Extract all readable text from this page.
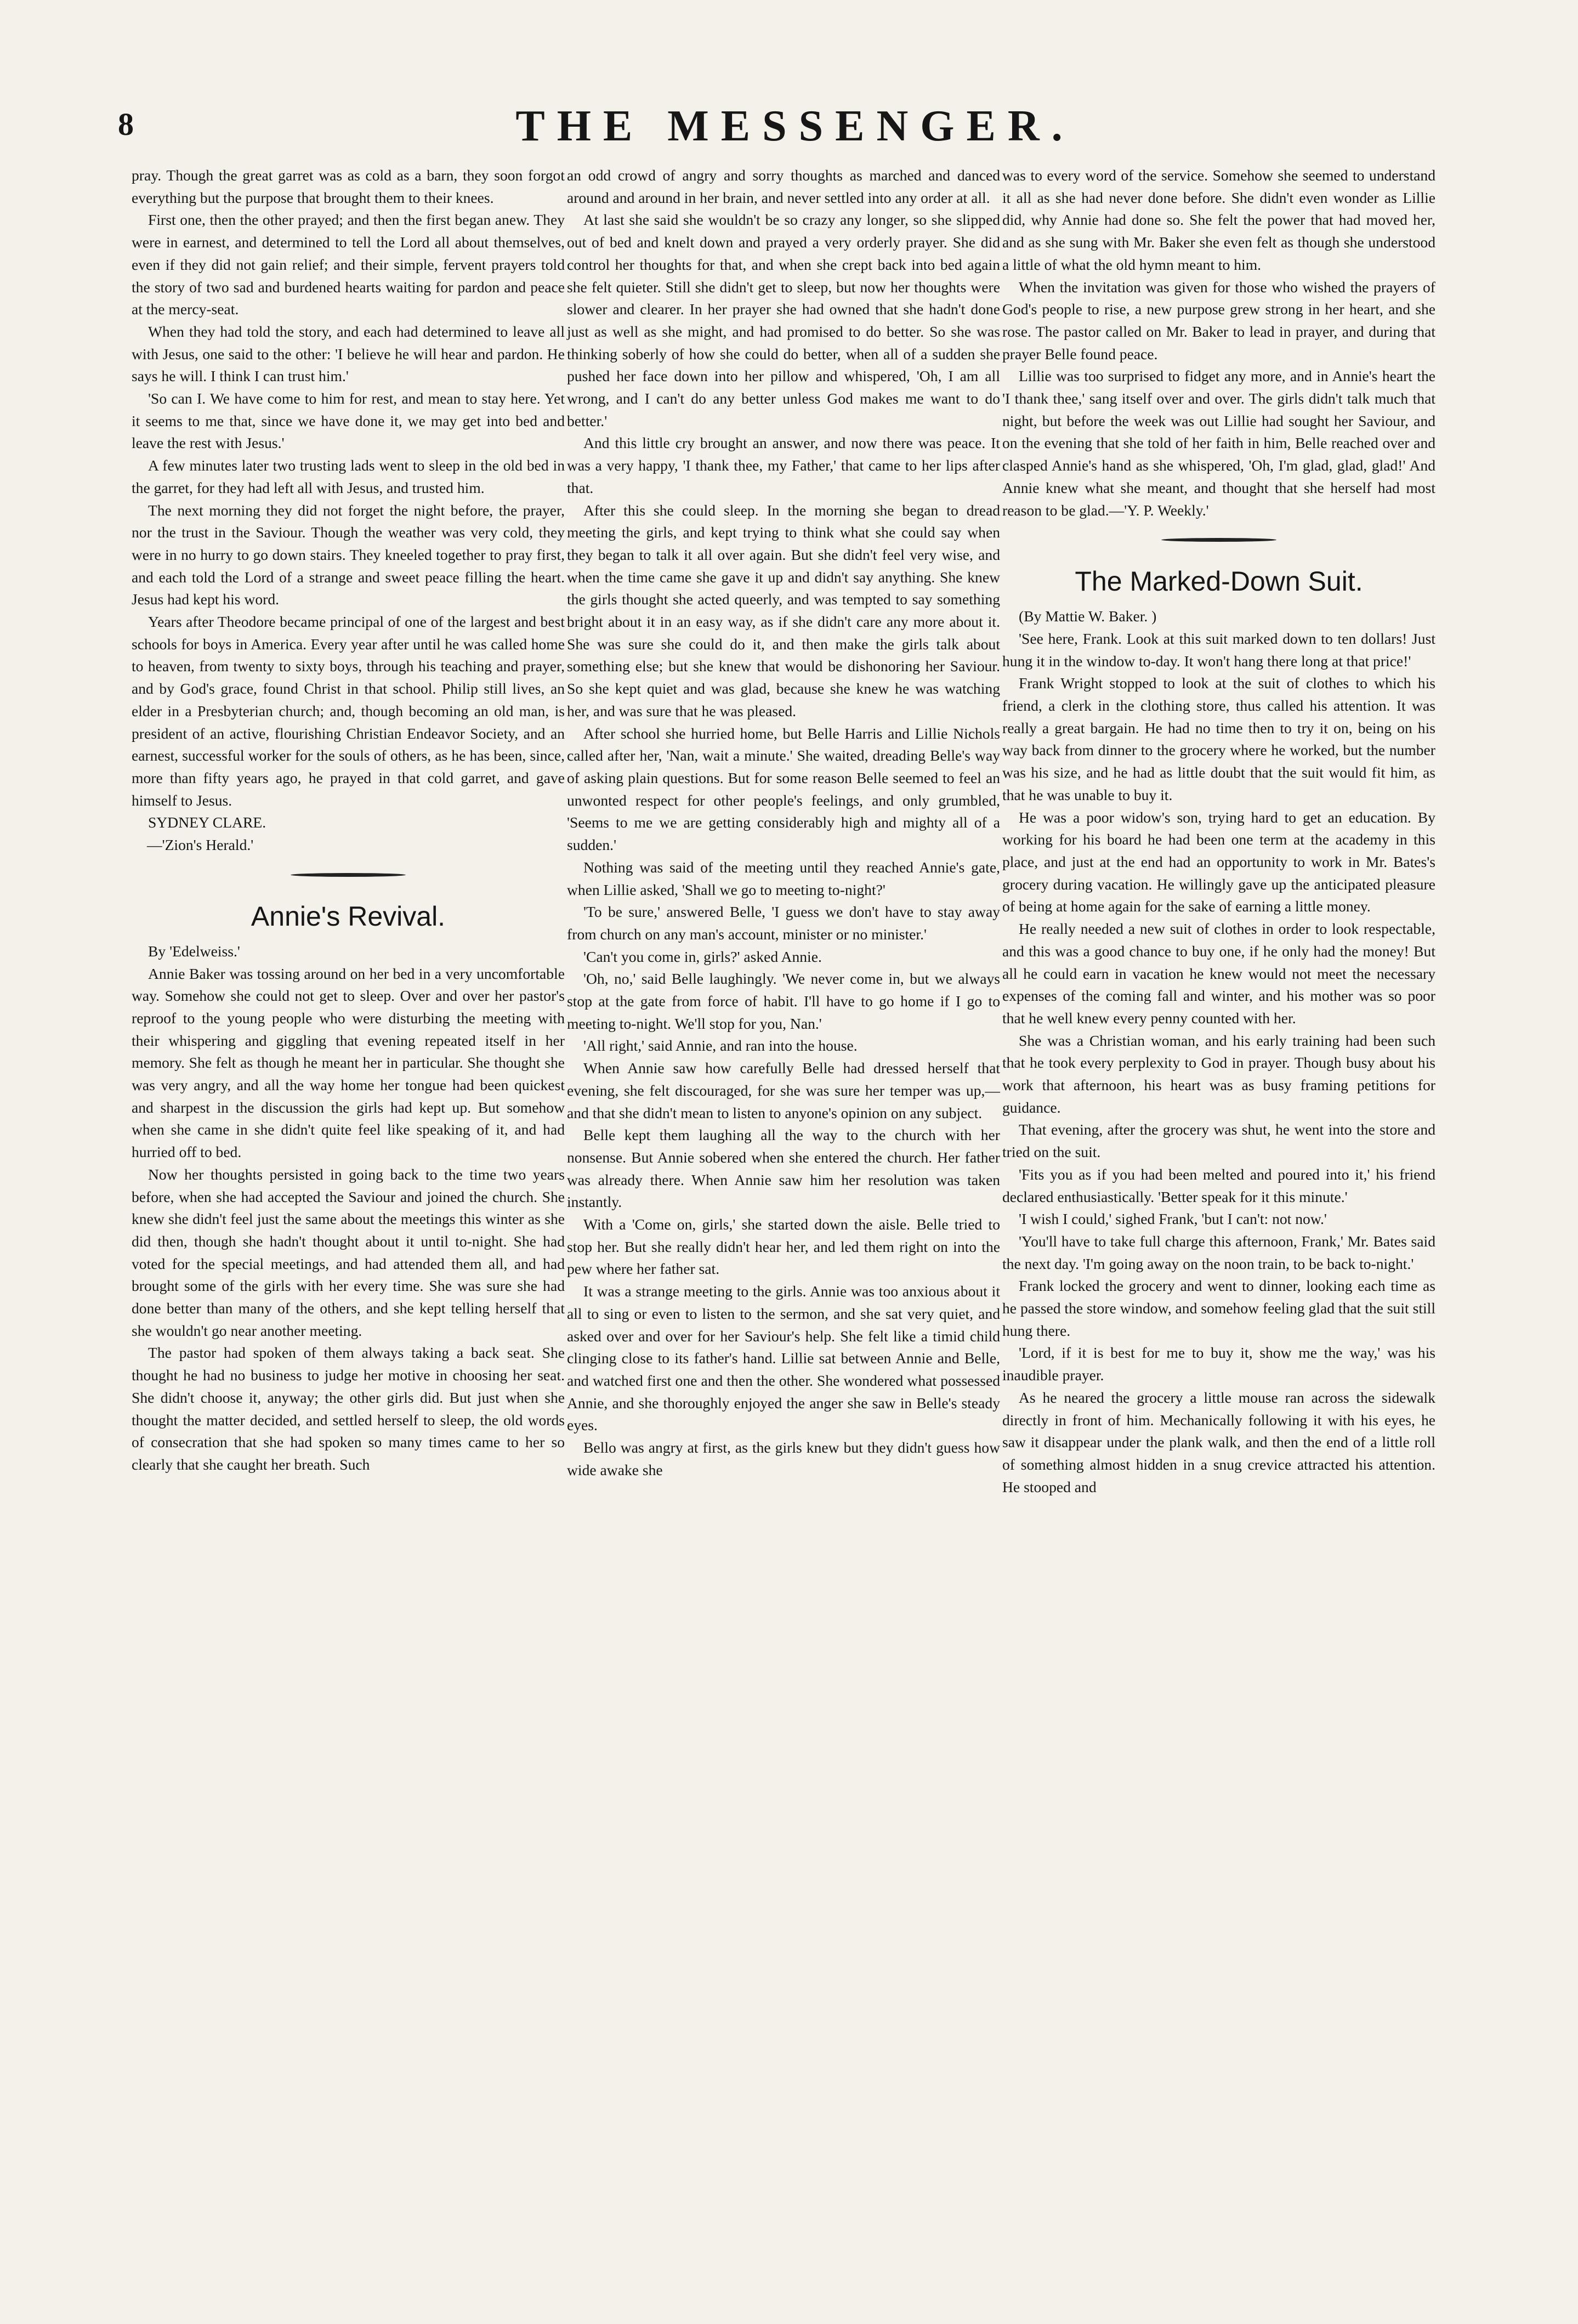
8	THE MESSENGER.

pray. Though the great garret was as cold as a barn, they soon forgot everything but the purpose that brought them to their knees.

First one, then the other prayed; and then the first began anew. They were in earnest, and determined to tell the Lord all about themselves, even if they did not gain relief; and their simple, fervent prayers told the story of two sad and burdened hearts waiting for pardon and peace at the mercy-seat.

When they had told the story, and each had determined to leave all with Jesus, one said to the other: 'I believe he will hear and pardon. He says he will. I think I can trust him.'

'So can I. We have come to him for rest, and mean to stay here. Yet it seems to me that, since we have done it, we may get into bed and leave the rest with Jesus.'

A few minutes later two trusting lads went to sleep in the old bed in the garret, for they had left all with Jesus, and trusted him.

The next morning they did not forget the night before, the prayer, nor the trust in the Saviour. Though the weather was very cold, they were in no hurry to go down stairs. They kneeled together to pray first, and each told the Lord of a strange and sweet peace filling the heart. Jesus had kept his word.

Years after Theodore became principal of one of the largest and best schools for boys in America. Every year after until he was called home to heaven, from twenty to sixty boys, through his teaching and prayer, and by God's grace, found Christ in that school. Philip still lives, an elder in a Presbyterian church; and, though becoming an old man, is president of an active, flourishing Christian Endeavor Society, and an earnest, successful worker for the souls of others, as he has been, since, more than fifty years ago, he prayed in that cold garret, and gave himself to Jesus.

SYDNEY CLARE.

—'Zion's Herald.'

Annie's Revival.

By 'Edelweiss.'

Annie Baker was tossing around on her bed in a very uncomfortable way. Somehow she could not get to sleep. Over and over her pastor's reproof to the young people who were disturbing the meeting with their whispering and giggling that evening repeated itself in her memory. She felt as though he meant her in particular. She thought she was very angry, and all the way home her tongue had been quickest and sharpest in the discussion the girls had kept up. But somehow when she came in she didn't quite feel like speaking of it, and had hurried off to bed.

Now her thoughts persisted in going back to the time two years before, when she had accepted the Saviour and joined the church. She knew she didn't feel just the same about the meetings this winter as she did then, though she hadn't thought about it until to-night. She had voted for the special meetings, and had attended them all, and had brought some of the girls with her every time. She was sure she had done better than many of the others, and she kept telling herself that she wouldn't go near another meeting.

The pastor had spoken of them always taking a back seat. She thought he had no business to judge her motive in choosing her seat. She didn't choose it, anyway; the other girls did. But just when she thought the matter decided, and settled herself to sleep, the old words of consecration that she had spoken so many times came to her so clearly that she caught her breath. Such

an odd crowd of angry and sorry thoughts as marched and danced around and around in her brain, and never settled into any order at all.

At last she said she wouldn't be so crazy any longer, so she slipped out of bed and knelt down and prayed a very orderly prayer. She did control her thoughts for that, and when she crept back into bed again she felt quieter. Still she didn't get to sleep, but now her thoughts were slower and clearer. In her prayer she had owned that she hadn't done just as well as she might, and had promised to do better. So she was thinking soberly of how she could do better, when all of a sudden she pushed her face down into her pillow and whispered, 'Oh, I am all wrong, and I can't do any better unless God makes me want to do better.'

And this little cry brought an answer, and now there was peace. It was a very happy, 'I thank thee, my Father,' that came to her lips after that.

After this she could sleep. In the morning she began to dread meeting the girls, and kept trying to think what she could say when they began to talk it all over again. But she didn't feel very wise, and when the time came she gave it up and didn't say anything. She knew the girls thought she acted queerly, and was tempted to say something bright about it in an easy way, as if she didn't care any more about it. She was sure she could do it, and then make the girls talk about something else; but she knew that would be dishonoring her Saviour. So she kept quiet and was glad, because she knew he was watching her, and was sure that he was pleased.

After school she hurried home, but Belle Harris and Lillie Nichols called after her, 'Nan, wait a minute.' She waited, dreading Belle's way of asking plain questions. But for some reason Belle seemed to feel an unwonted respect for other people's feelings, and only grumbled, 'Seems to me we are getting considerably high and mighty all of a sudden.'

Nothing was said of the meeting until they reached Annie's gate, when Lillie asked, 'Shall we go to meeting to-night?'

'To be sure,' answered Belle, 'I guess we don't have to stay away from church on any man's account, minister or no minister.'

'Can't you come in, girls?' asked Annie.

'Oh, no,' said Belle laughingly. 'We never come in, but we always stop at the gate from force of habit. I'll have to go home if I go to meeting to-night. We'll stop for you, Nan.'

'All right,' said Annie, and ran into the house.

When Annie saw how carefully Belle had dressed herself that evening, she felt discouraged, for she was sure her temper was up,—and that she didn't mean to listen to anyone's opinion on any subject.

Belle kept them laughing all the way to the church with her nonsense. But Annie sobered when she entered the church. Her father was already there. When Annie saw him her resolution was taken instantly.

With a 'Come on, girls,' she started down the aisle. Belle tried to stop her. But she really didn't hear her, and led them right on into the pew where her father sat.

It was a strange meeting to the girls. Annie was too anxious about it all to sing or even to listen to the sermon, and she sat very quiet, and asked over and over for her Saviour's help. She felt like a timid child clinging close to its father's hand. Lillie sat between Annie and Belle, and watched first one and then the other. She wondered what possessed Annie, and she thoroughly enjoyed the anger she saw in Belle's steady eyes.

Bello was angry at first, as the girls knew but they didn't guess how wide awake she

was to every word of the service. Somehow she seemed to understand it all as she had never done before. She didn't even wonder as Lillie did, why Annie had done so. She felt the power that had moved her, and as she sung with Mr. Baker she even felt as though she understood a little of what the old hymn meant to him.

When the invitation was given for those who wished the prayers of God's people to rise, a new purpose grew strong in her heart, and she rose. The pastor called on Mr. Baker to lead in prayer, and during that prayer Belle found peace.

Lillie was too surprised to fidget any more, and in Annie's heart the 'I thank thee,' sang itself over and over. The girls didn't talk much that night, but before the week was out Lillie had sought her Saviour, and on the evening that she told of her faith in him, Belle reached over and clasped Annie's hand as she whispered, 'Oh, I'm glad, glad, glad!' And Annie knew what she meant, and thought that she herself had most reason to be glad.—'Y. P. Weekly.'

The Marked-Down Suit.

(By Mattie W. Baker. )

'See here, Frank. Look at this suit marked down to ten dollars! Just hung it in the window to-day. It won't hang there long at that price!'

Frank Wright stopped to look at the suit of clothes to which his friend, a clerk in the clothing store, thus called his attention. It was really a great bargain. He had no time then to try it on, being on his way back from dinner to the grocery where he worked, but the number was his size, and he had as little doubt that the suit would fit him, as that he was unable to buy it.

He was a poor widow's son, trying hard to get an education. By working for his board he had been one term at the academy in this place, and just at the end had an opportunity to work in Mr. Bates's grocery during vacation. He willingly gave up the anticipated pleasure of being at home again for the sake of earning a little money.

He really needed a new suit of clothes in order to look respectable, and this was a good chance to buy one, if he only had the money! But all he could earn in vacation he knew would not meet the necessary expenses of the coming fall and winter, and his mother was so poor that he well knew every penny counted with her.

She was a Christian woman, and his early training had been such that he took every perplexity to God in prayer. Though busy about his work that afternoon, his heart was as busy framing petitions for guidance.

That evening, after the grocery was shut, he went into the store and tried on the suit.

'Fits you as if you had been melted and poured into it,' his friend declared enthusiastically. 'Better speak for it this minute.'

'I wish I could,' sighed Frank, 'but I can't: not now.'

'You'll have to take full charge this afternoon, Frank,' Mr. Bates said the next day. 'I'm going away on the noon train, to be back to-night.'

Frank locked the grocery and went to dinner, looking each time as he passed the store window, and somehow feeling glad that the suit still hung there.

'Lord, if it is best for me to buy it, show me the way,' was his inaudible prayer.

As he neared the grocery a little mouse ran across the sidewalk directly in front of him. Mechanically following it with his eyes, he saw it disappear under the plank walk, and then the end of a little roll of something almost hidden in a snug crevice attracted his attention. He stooped and
